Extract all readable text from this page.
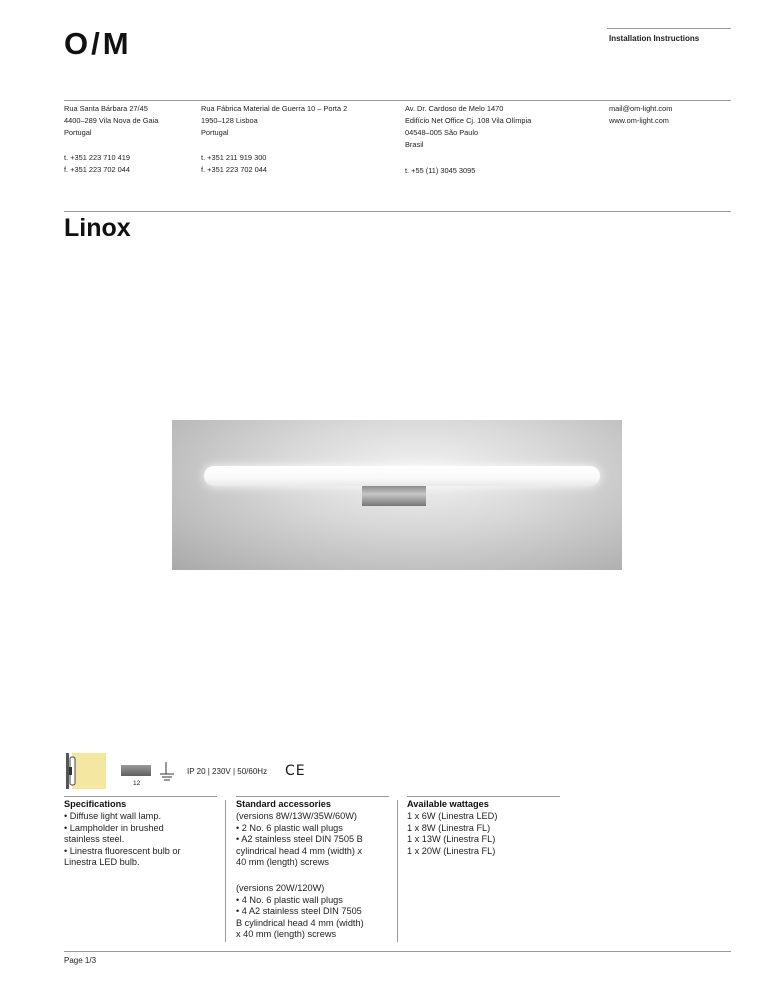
O/M	Installation Instructions
Rua Santa Bárbara 27/45
4400–289 Vila Nova de Gaia
Portugal
t. +351 223 710 419
f. +351 223 702 044
Rua Fábrica Material de Guerra 10 – Porta 2
1950–128 Lisboa
Portugal
t. +351 211 919 300
f. +351 223 702 044
Av. Dr. Cardoso de Melo 1470
Edifício Net Office Cj. 108 Vila Olímpia
04548–005 São Paulo
Brasil
t. +55 (11) 3045 3095
mail@om-light.com
www.om-light.com
Linox
12
IP 20 | 230V | 50/60Hz CE
Specifications
• Diffuse light wall lamp.
• Lampholder in brushed
stainless steel.
• Linestra fluorescent bulb or
Linestra LED bulb.
Standard accessories
(versions 8W/13W/35W/60W)
• 2 No. 6 plastic wall plugs
• A2 stainless steel DIN 7505 B
cylindrical head 4 mm (width) x
40 mm (length) screws
(versions 20W/120W)
• 4 No. 6 plastic wall plugs
• 4 A2 stainless steel DIN 7505
B cylindrical head 4 mm (width)
x 40 mm (length) screws
Available wattages
1 x 6W (Linestra LED)
1 x 8W (Linestra FL)
1 x 13W (Linestra FL)
1 x 20W (Linestra FL)
Page 1/3
